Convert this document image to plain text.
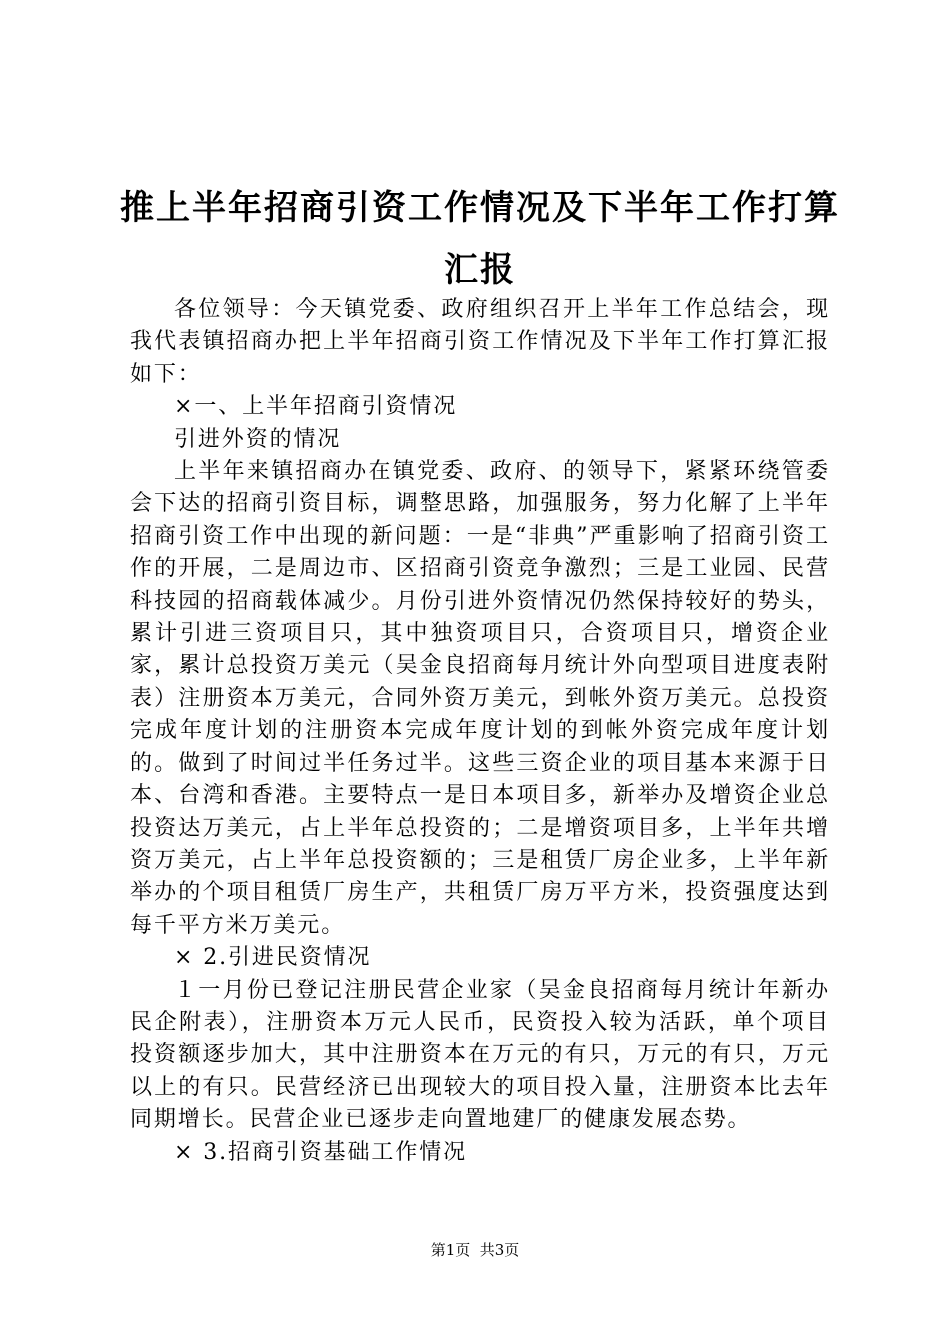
推上半年招商引资工作情况及下半年工作打算
汇报

各位领导：今天镇党委、政府组织召开上半年工作总结会，现我代表镇招商办把上半年招商引资工作情况及下半年工作打算汇报如下：

×一、上半年招商引资情况

引进外资的情况

上半年来镇招商办在镇党委、政府、的领导下，紧紧环绕管委会下达的招商引资目标，调整思路，加强服务，努力化解了上半年招商引资工作中出现的新问题：一是“非典”严重影响了招商引资工作的开展，二是周边市、区招商引资竞争激烈；三是工业园、民营科技园的招商载体减少。月份引进外资情况仍然保持较好的势头，累计引进三资项目只，其中独资项目只，合资项目只，增资企业家，累计总投资万美元（吴金良招商每月统计外向型项目进度表附表）注册资本万美元，合同外资万美元，到帐外资万美元。总投资完成年度计划的注册资本完成年度计划的到帐外资完成年度计划的。做到了时间过半任务过半。这些三资企业的项目基本来源于日本、台湾和香港。主要特点一是日本项目多，新举办及增资企业总投资达万美元，占上半年总投资的；二是增资项目多，上半年共增资万美元，占上半年总投资额的；三是租赁厂房企业多，上半年新举办的个项目租赁厂房生产，共租赁厂房万平方米，投资强度达到每千平方米万美元。

× 2.引进民资情况

１一月份已登记注册民营企业家（吴金良招商每月统计年新办民企附表），注册资本万元人民币，民资投入较为活跃，单个项目投资额逐步加大，其中注册资本在万元的有只，万元的有只，万元以上的有只。民营经济已出现较大的项目投入量，注册资本比去年同期增长。民营企业已逐步走向置地建厂的健康发展态势。

× 3.招商引资基础工作情况

第1页  共3页
